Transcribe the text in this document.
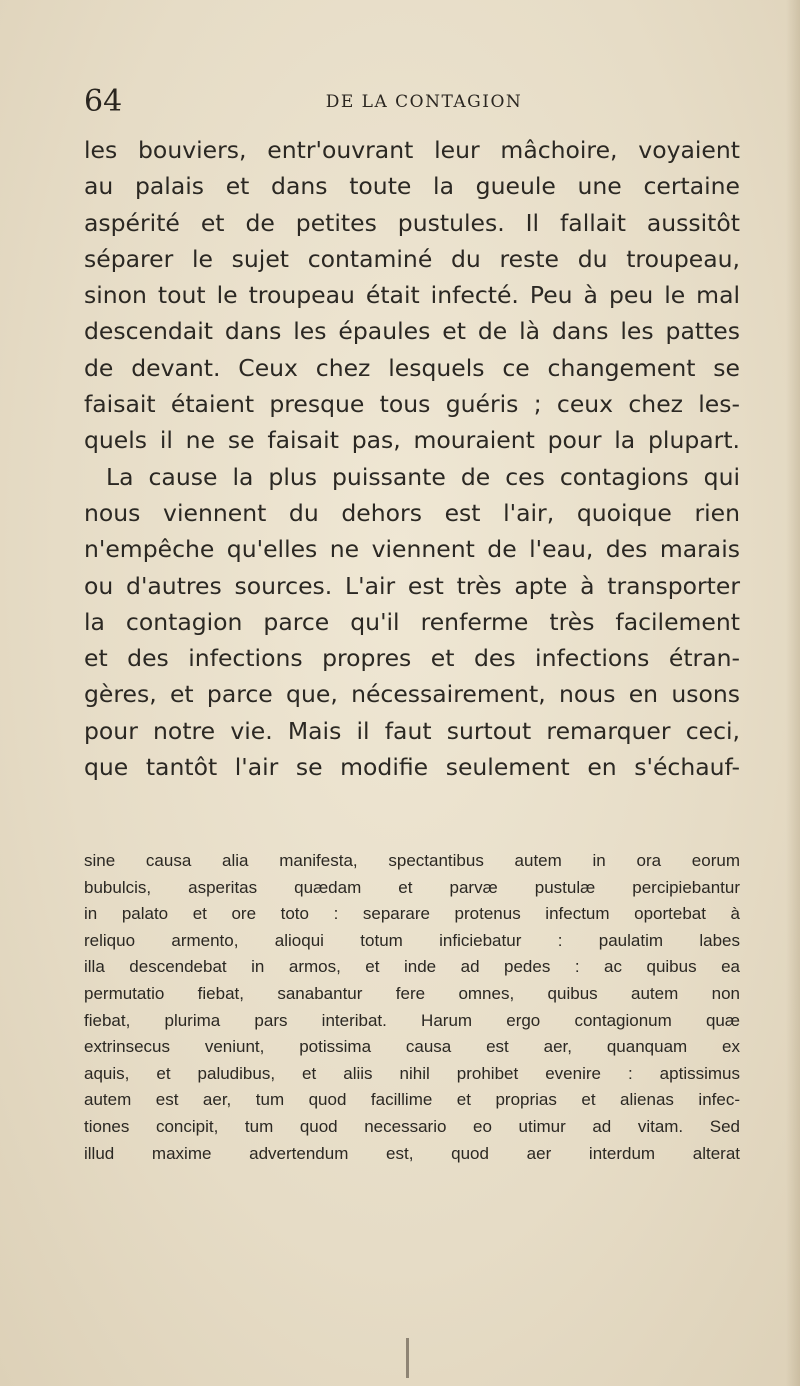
64	DE LA CONTAGION
les bouviers, entr'ouvrant leur mâchoire, voyaient
au palais et dans toute la gueule une certaine
aspérité et de petites pustules. Il fallait aussitôt
séparer le sujet contaminé du reste du troupeau,
sinon tout le troupeau était infecté. Peu à peu le mal
descendait dans les épaules et de là dans les pattes
de devant. Ceux chez lesquels ce changement se
faisait étaient presque tous guéris ; ceux chez les-
quels il ne se faisait pas, mouraient pour la plupart.
La cause la plus puissante de ces contagions qui
nous viennent du dehors est l'air, quoique rien
n'empêche qu'elles ne viennent de l'eau, des marais
ou d'autres sources. L'air est très apte à transporter
la contagion parce qu'il renferme très facilement
et des infections propres et des infections étran-
gères, et parce que, nécessairement, nous en usons
pour notre vie. Mais il faut surtout remarquer ceci,
que tantôt l'air se modifie seulement en s'échauf-
sine causa alia manifesta, spectantibus autem in ora eorum
bubulcis, asperitas quædam et parvæ pustulæ percipiebantur
in palato et ore toto : separare protenus infectum oportebat à
reliquo armento, alioqui totum inficiebatur : paulatim labes
illa descendebat in armos, et inde ad pedes : ac quibus ea
permutatio fiebat, sanabantur fere omnes, quibus autem non
fiebat, plurima pars interibat. Harum ergo contagionum quæ
extrinsecus veniunt, potissima causa est aer, quanquam ex
aquis, et paludibus, et aliis nihil prohibet evenire : aptissimus
autem est aer, tum quod facillime et proprias et alienas infec-
tiones concipit, tum quod necessario eo utimur ad vitam. Sed
illud maxime advertendum est, quod aer interdum alterat
